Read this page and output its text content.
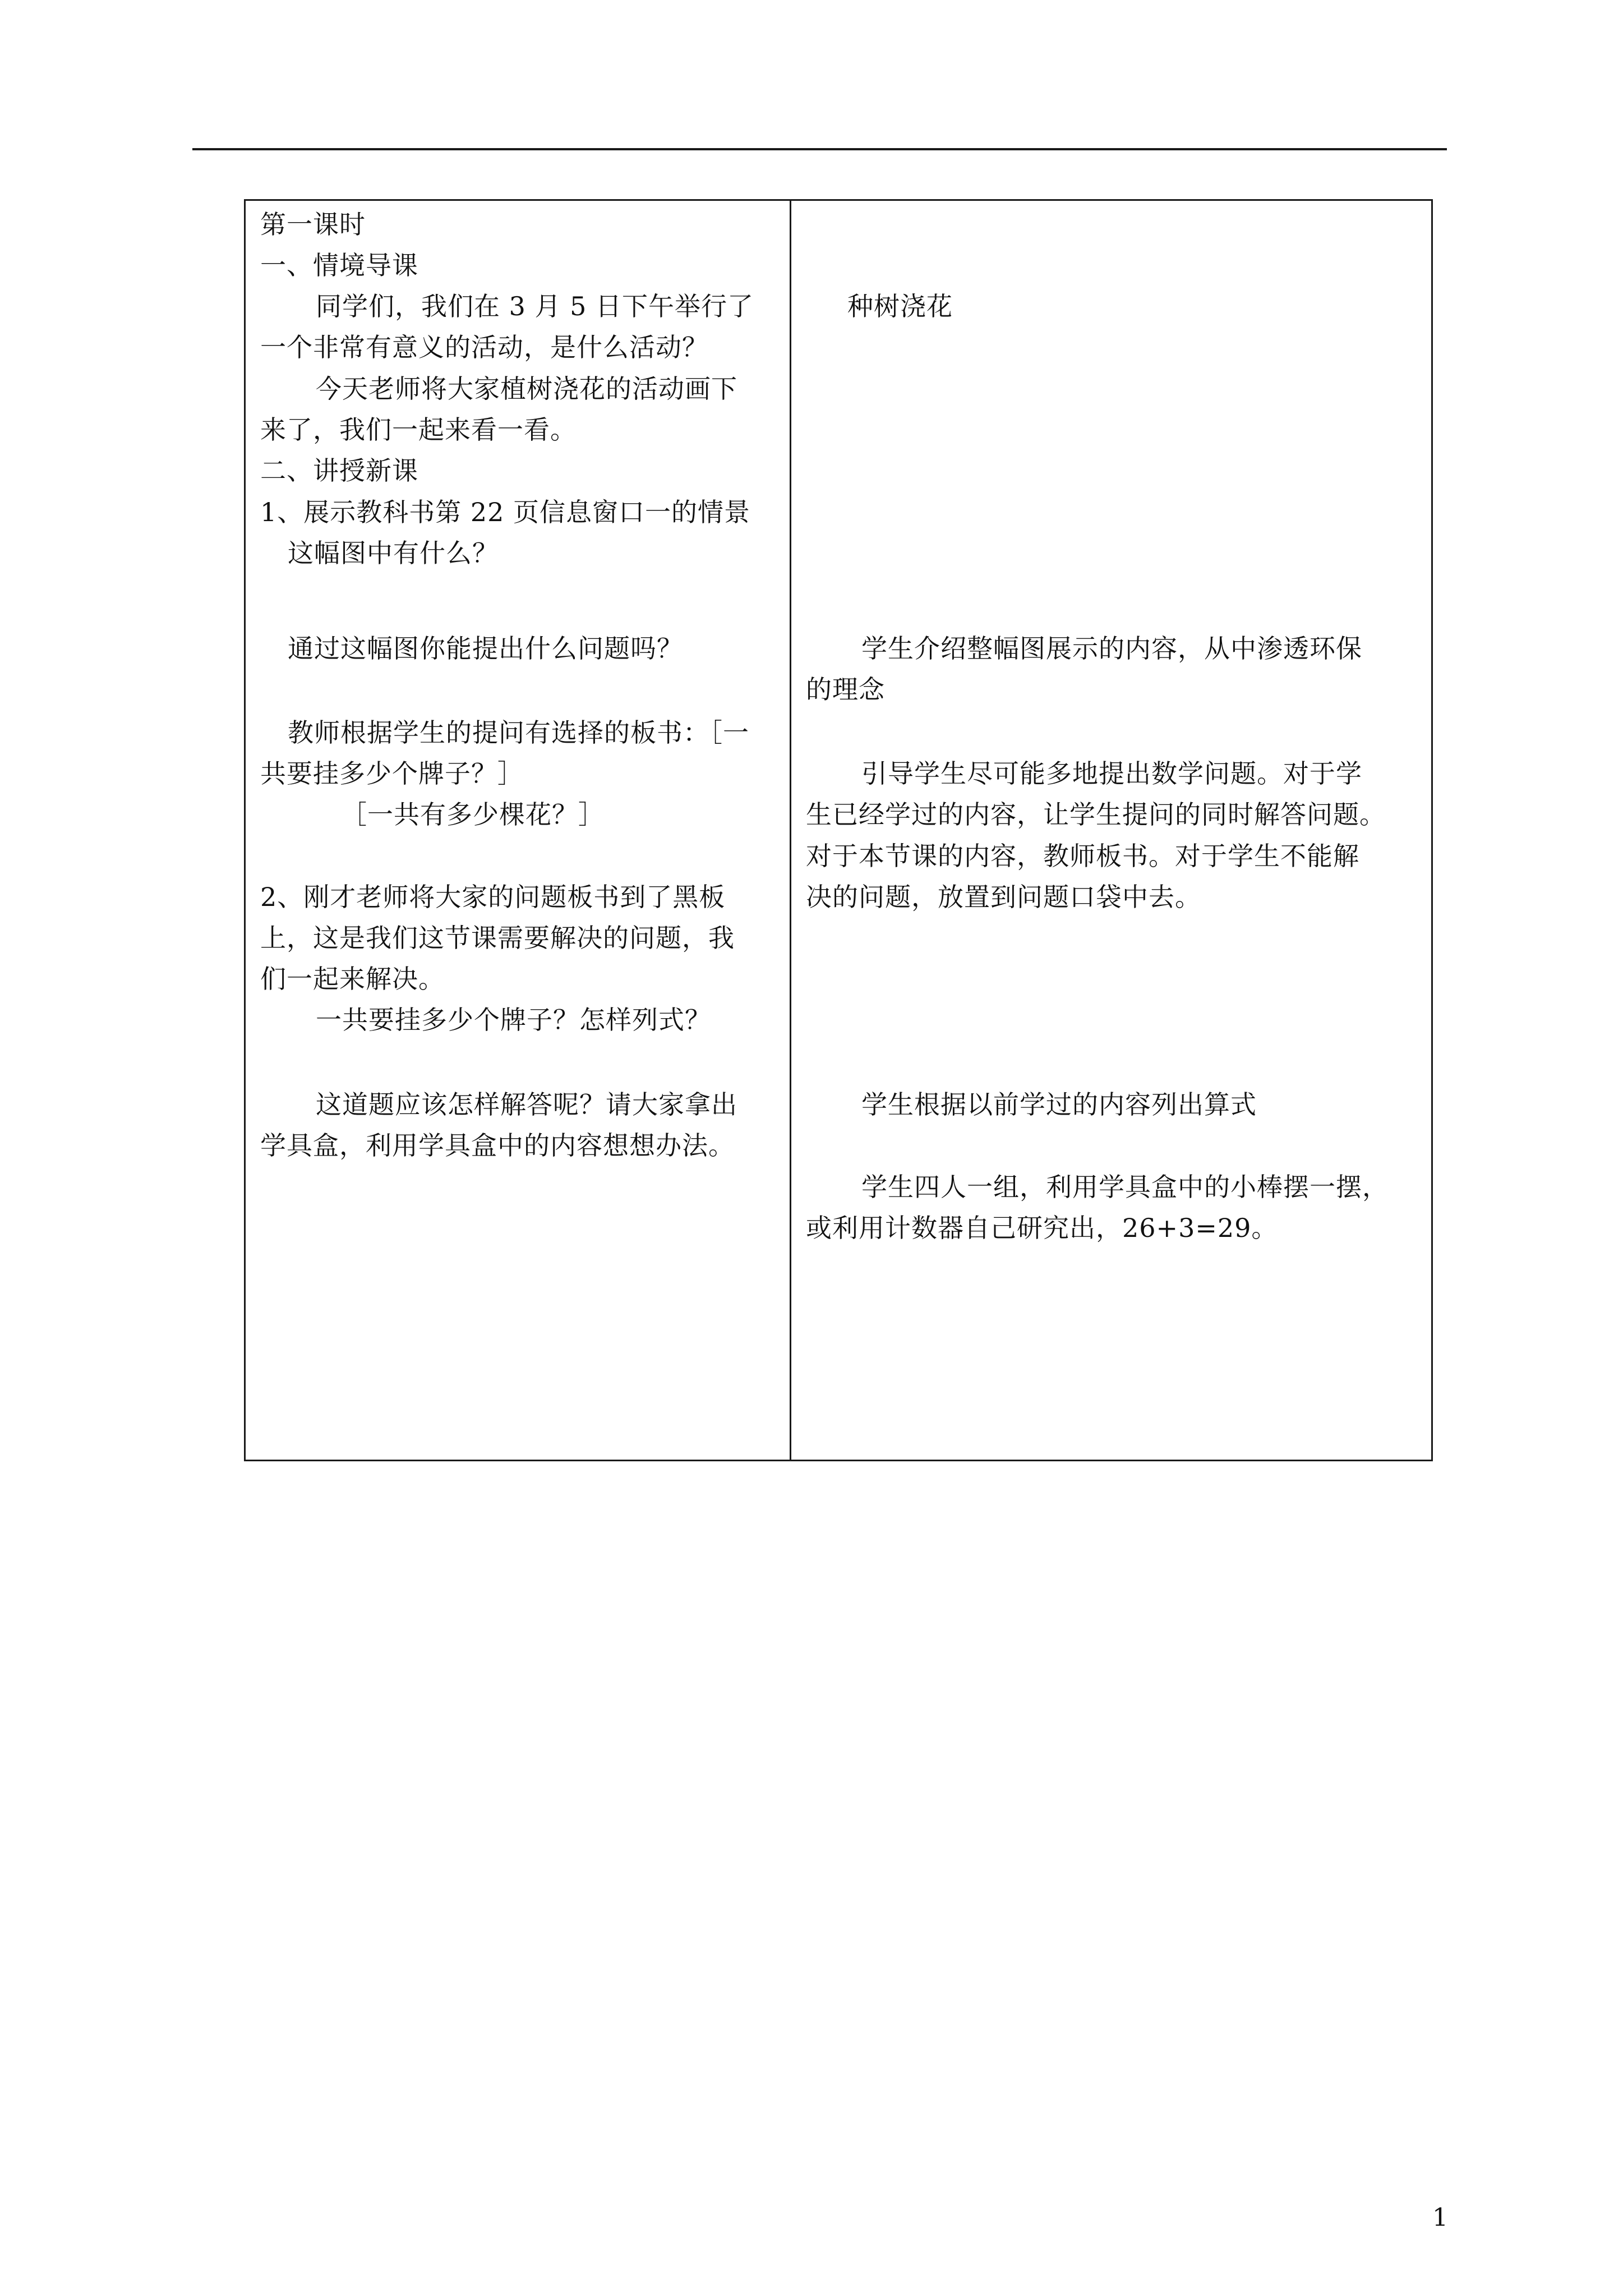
第一课时
一、情境导课
同学们，我们在 3 月 5 日下午举行了
一个非常有意义的活动，是什么活动？
今天老师将大家植树浇花的活动画下
来了，我们一起来看一看。
二、讲授新课
1、展示教科书第 22 页信息窗口一的情景
这幅图中有什么？
通过这幅图你能提出什么问题吗？
教师根据学生的提问有选择的板书：［一
共要挂多少个牌子？］
［一共有多少棵花？］
2、刚才老师将大家的问题板书到了黑板
上，这是我们这节课需要解决的问题，我
们一起来解决。
一共要挂多少个牌子？怎样列式？
这道题应该怎样解答呢？请大家拿出
学具盒，利用学具盒中的内容想想办法。
种树浇花
学生介绍整幅图展示的内容，从中渗透环保
的理念
引导学生尽可能多地提出数学问题。对于学
生已经学过的内容，让学生提问的同时解答问题。
对于本节课的内容，教师板书。对于学生不能解
决的问题，放置到问题口袋中去。
学生根据以前学过的内容列出算式
学生四人一组，利用学具盒中的小棒摆一摆，
或利用计数器自己研究出，26+3=29。
1
